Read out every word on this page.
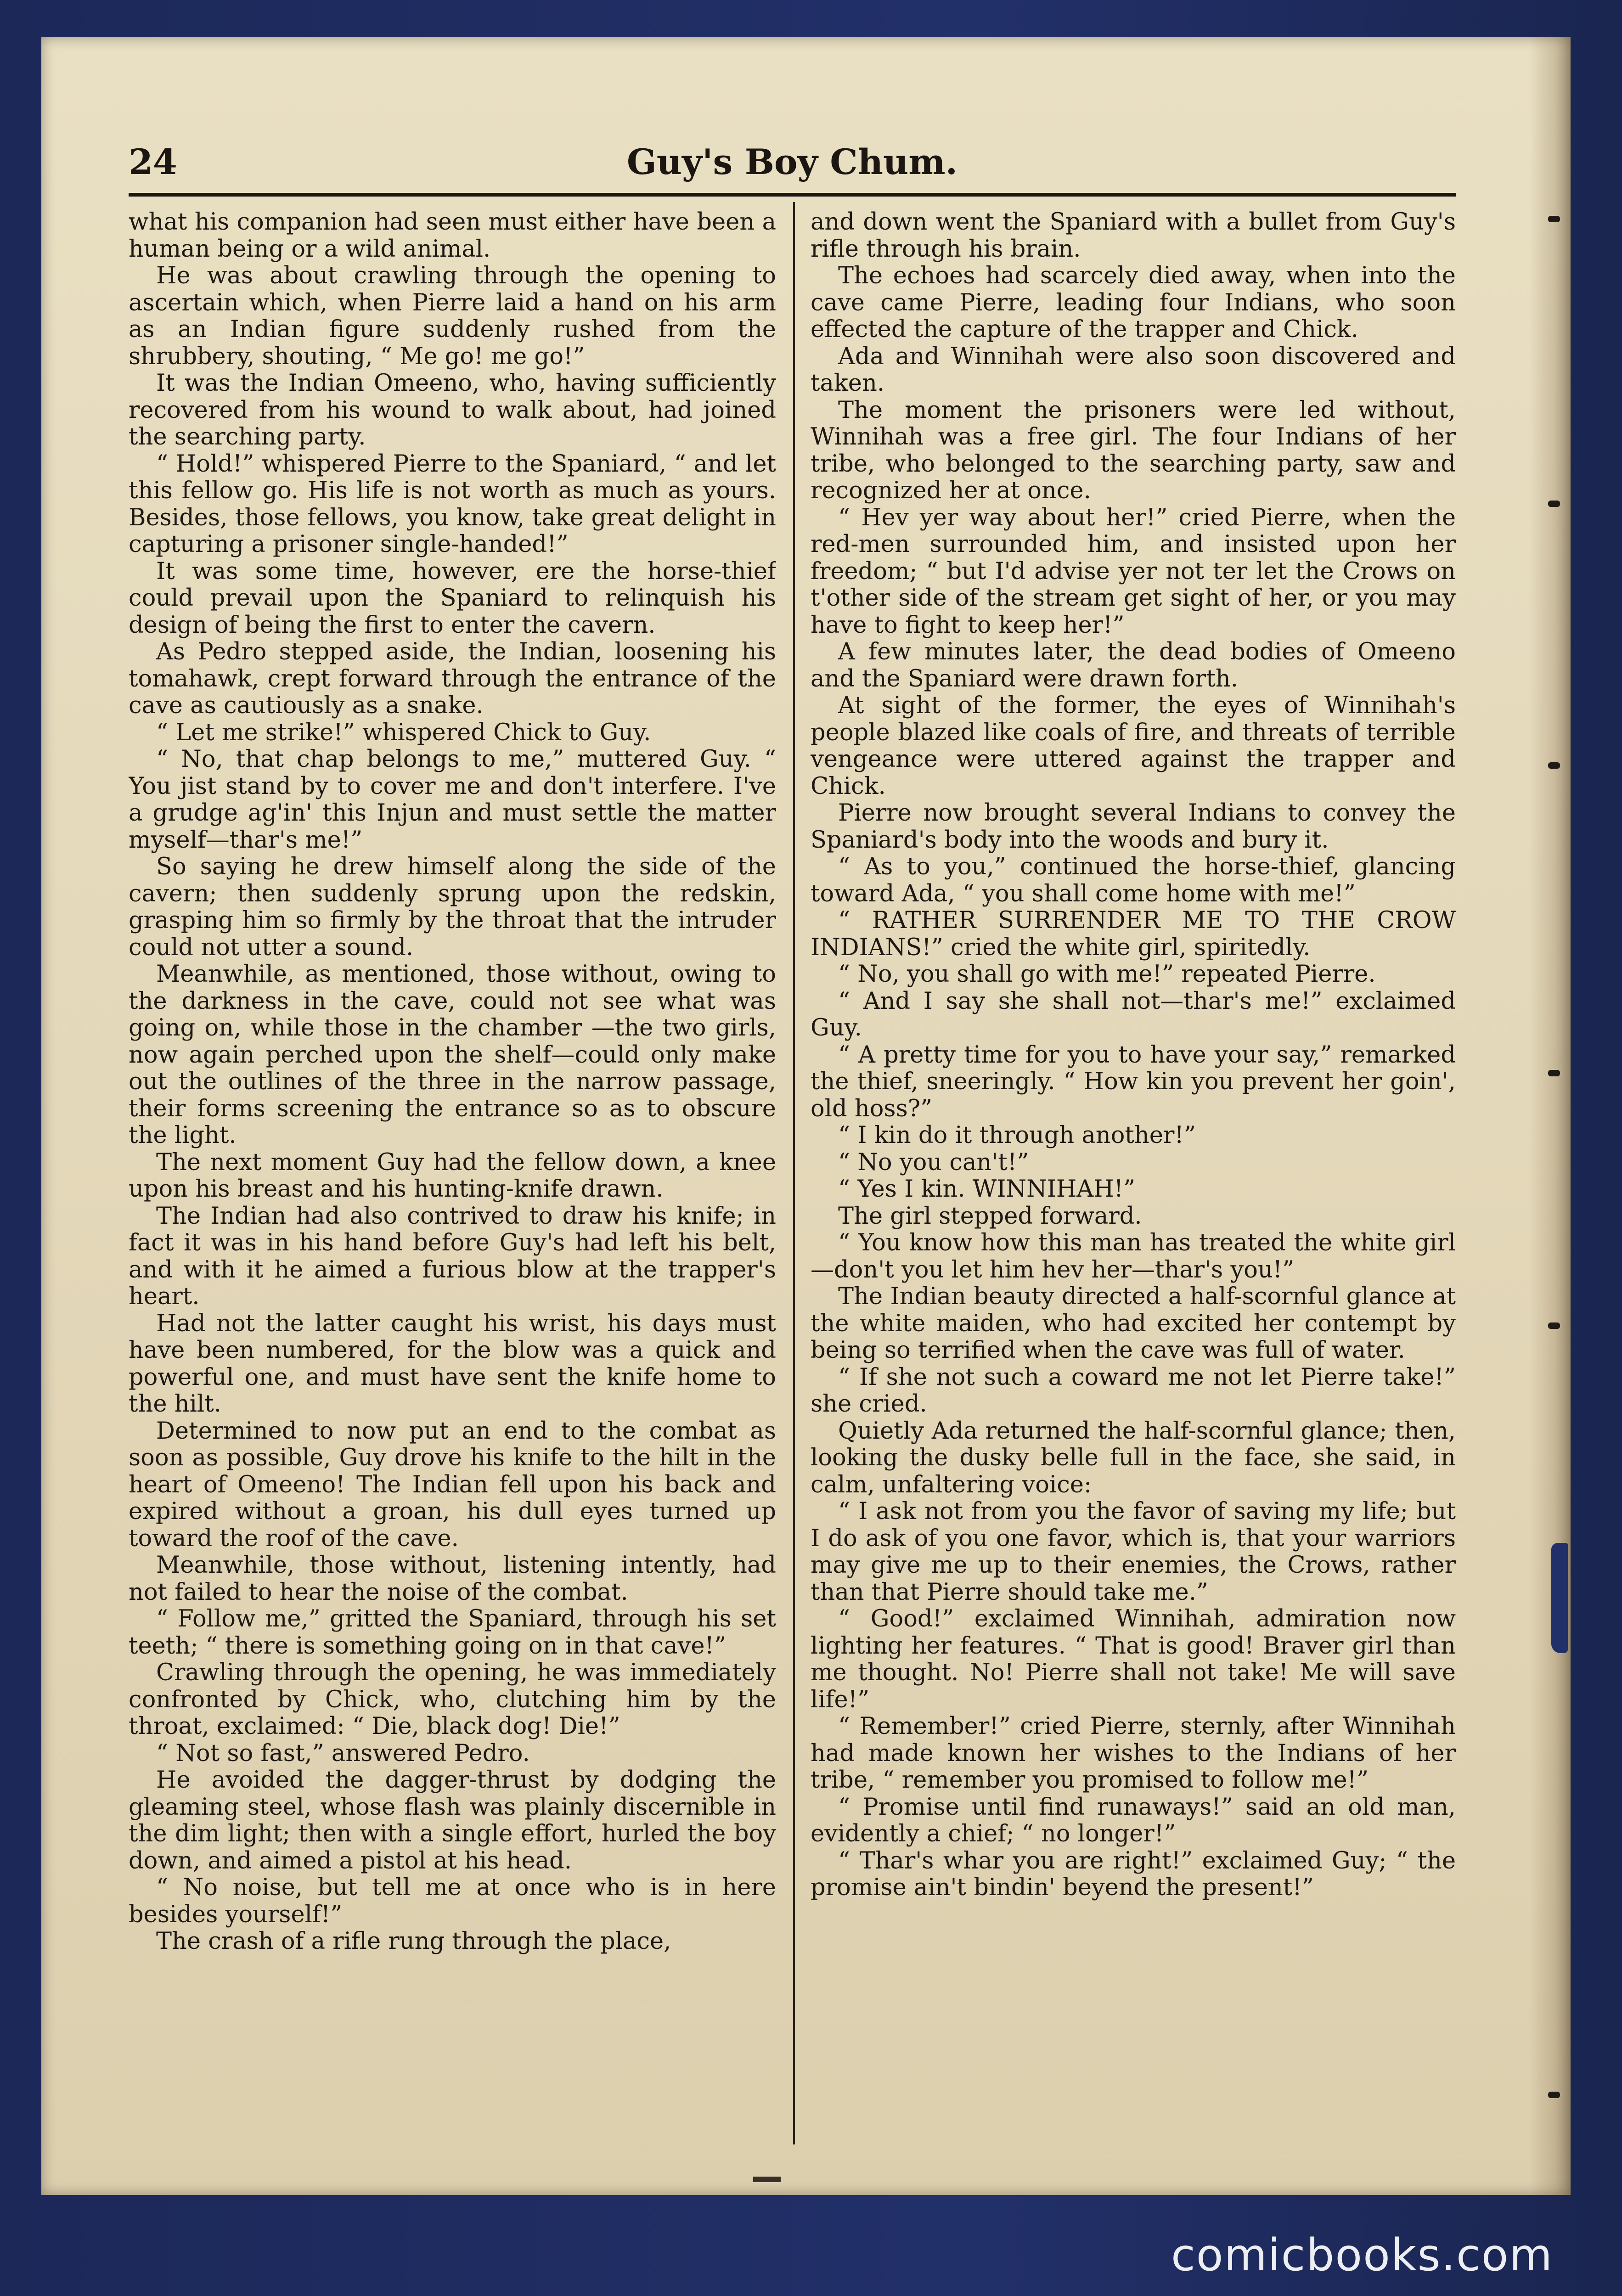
24	Guy's Boy Chum.

what his companion had seen must either have been a human being or a wild animal.

He was about crawling through the opening to ascertain which, when Pierre laid a hand on his arm as an Indian figure suddenly rushed from the shrubbery, shouting, “ Me go! me go!”

It was the Indian Omeeno, who, having sufficiently recovered from his wound to walk about, had joined the searching party.

“ Hold!” whispered Pierre to the Spaniard, “ and let this fellow go. His life is not worth as much as yours. Besides, those fellows, you know, take great delight in capturing a prisoner single-handed!”

It was some time, however, ere the horse-thief could prevail upon the Spaniard to relinquish his design of being the first to enter the cavern.

As Pedro stepped aside, the Indian, loosening his tomahawk, crept forward through the entrance of the cave as cautiously as a snake.

“ Let me strike!” whispered Chick to Guy.

“ No, that chap belongs to me,” muttered Guy. “ You jist stand by to cover me and don't interfere. I've a grudge ag'in' this Injun and must settle the matter myself—thar's me!”

So saying he drew himself along the side of the cavern; then suddenly sprung upon the redskin, grasping him so firmly by the throat that the intruder could not utter a sound.

Meanwhile, as mentioned, those without, owing to the darkness in the cave, could not see what was going on, while those in the chamber —the two girls, now again perched upon the shelf—could only make out the outlines of the three in the narrow passage, their forms screening the entrance so as to obscure the light.

The next moment Guy had the fellow down, a knee upon his breast and his hunting-knife drawn.

The Indian had also contrived to draw his knife; in fact it was in his hand before Guy's had left his belt, and with it he aimed a furious blow at the trapper's heart.

Had not the latter caught his wrist, his days must have been numbered, for the blow was a quick and powerful one, and must have sent the knife home to the hilt.

Determined to now put an end to the combat as soon as possible, Guy drove his knife to the hilt in the heart of Omeeno! The Indian fell upon his back and expired without a groan, his dull eyes turned up toward the roof of the cave.

Meanwhile, those without, listening intently, had not failed to hear the noise of the combat.

“ Follow me,” gritted the Spaniard, through his set teeth; “ there is something going on in that cave!”

Crawling through the opening, he was immediately confronted by Chick, who, clutching him by the throat, exclaimed: “ Die, black dog! Die!”

“ Not so fast,” answered Pedro.

He avoided the dagger-thrust by dodging the gleaming steel, whose flash was plainly discernible in the dim light; then with a single effort, hurled the boy down, and aimed a pistol at his head.

“ No noise, but tell me at once who is in here besides yourself!”

The crash of a rifle rung through the place,

and down went the Spaniard with a bullet from Guy's rifle through his brain.

The echoes had scarcely died away, when into the cave came Pierre, leading four Indians, who soon effected the capture of the trapper and Chick.

Ada and Winnihah were also soon discovered and taken.

The moment the prisoners were led without, Winnihah was a free girl. The four Indians of her tribe, who belonged to the searching party, saw and recognized her at once.

“ Hev yer way about her!” cried Pierre, when the red-men surrounded him, and insisted upon her freedom; “ but I'd advise yer not ter let the Crows on t'other side of the stream get sight of her, or you may have to fight to keep her!”

A few minutes later, the dead bodies of Omeeno and the Spaniard were drawn forth.

At sight of the former, the eyes of Winnihah's people blazed like coals of fire, and threats of terrible vengeance were uttered against the trapper and Chick.

Pierre now brought several Indians to convey the Spaniard's body into the woods and bury it.

“ As to you,” continued the horse-thief, glancing toward Ada, “ you shall come home with me!”

“ RATHER SURRENDER ME TO THE CROW INDIANS!” cried the white girl, spiritedly.

“ No, you shall go with me!” repeated Pierre.

“ And I say she shall not—thar's me!” exclaimed Guy.

“ A pretty time for you to have your say,” remarked the thief, sneeringly. “ How kin you prevent her goin', old hoss?”

“ I kin do it through another!”

“ No you can't!”

“ Yes I kin. WINNIHAH!”

The girl stepped forward.

“ You know how this man has treated the white girl—don't you let him hev her—thar's you!”

The Indian beauty directed a half-scornful glance at the white maiden, who had excited her contempt by being so terrified when the cave was full of water.

“ If she not such a coward me not let Pierre take!” she cried.

Quietly Ada returned the half-scornful glance; then, looking the dusky belle full in the face, she said, in calm, unfaltering voice:

“ I ask not from you the favor of saving my life; but I do ask of you one favor, which is, that your warriors may give me up to their enemies, the Crows, rather than that Pierre should take me.”

“ Good!” exclaimed Winnihah, admiration now lighting her features. “ That is good! Braver girl than me thought. No! Pierre shall not take! Me will save life!”

“ Remember!” cried Pierre, sternly, after Winnihah had made known her wishes to the Indians of her tribe, “ remember you promised to follow me!”

“ Promise until find runaways!” said an old man, evidently a chief; “ no longer!”

“ Thar's whar you are right!” exclaimed Guy; “ the promise ain't bindin' beyend the present!”

comicbooks.com
